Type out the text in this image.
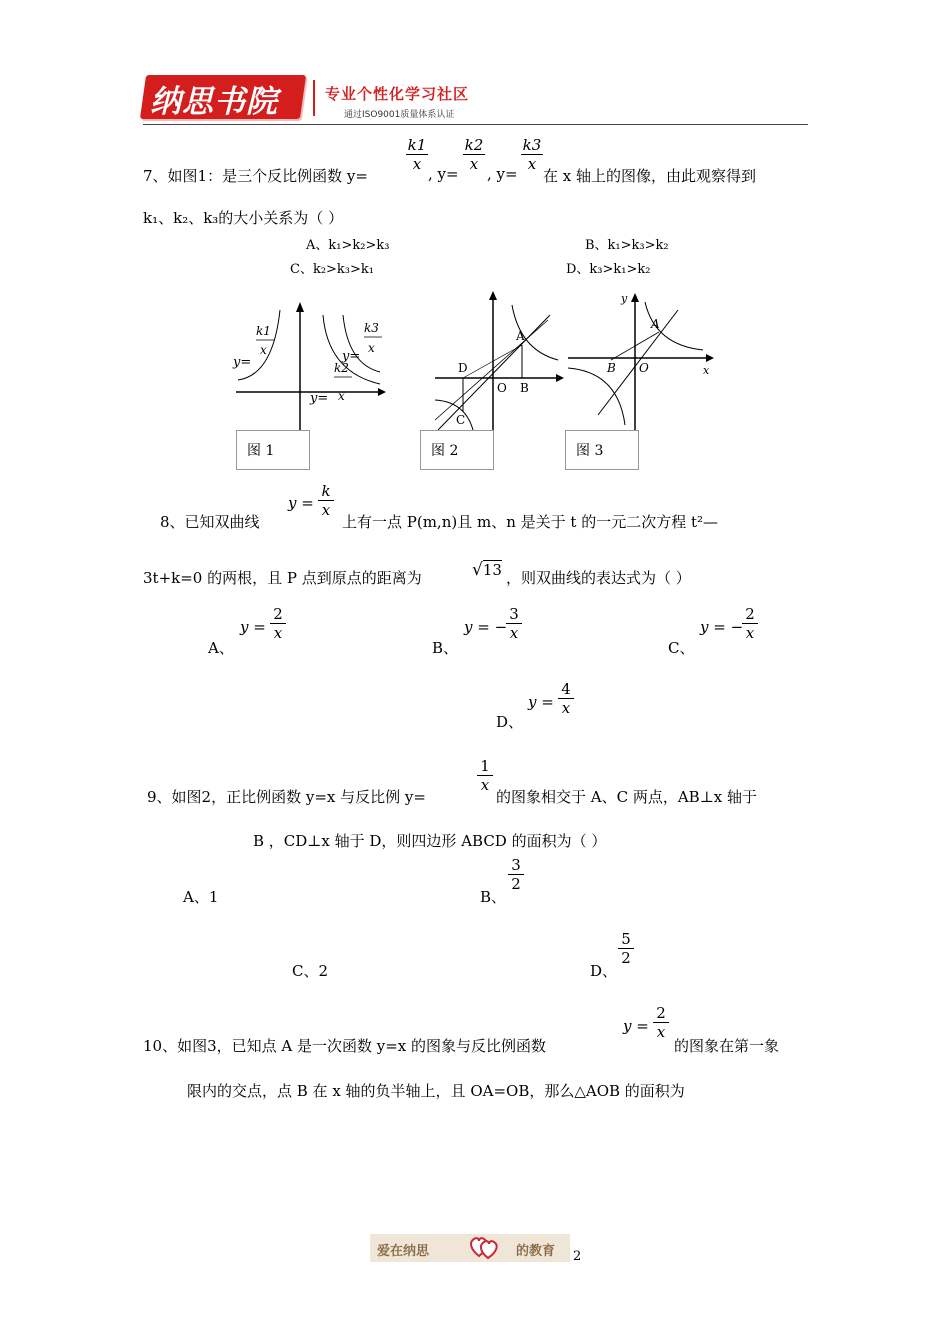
纳思书院	专业个性化学习社区
通过ISO9001质量体系认证
7、如图1：是三个反比例函数 y=
$\frac{k1}{x}$
, y=
$\frac{k2}{x}$
, y=
$\frac{k3}{x}$
在 x 轴上的图像，由此观察得到
k₁、k₂、k₃的大小关系为（ ）
A、k₁>k₂>k₃	B、k₁>k₃>k₂
C、k₂>k₃>k₁	D、k₃>k₁>k₂
y=
k1
x
k3
x
y=
k2
y= x
图 1
A
B
C
D
O
图 2
y
x
A
B O
图 3
8、已知双曲线
$y = \frac{k}{x}$
上有一点 P(m,n)且 m、n 是关于 t 的一元二次方程 t²—
3t+k=0 的两根，且 P 点到原点的距离为	√13 ，则双曲线的表达式为（ ）
A、
$y = \frac{2}{x}$
B、
y = −
$\frac{3}{x}$
C、
y = −
$\frac{2}{x}$
D、
$y = \frac{4}{x}$
9、如图2，正比例函数 y=x 与反比例 y=
$\frac{1}{x}$
的图象相交于 A、C 两点，AB⊥x 轴于
B ，CD⊥x 轴于 D，则四边形 ABCD 的面积为（ ）
A、1	B、
$\frac{3}{2}$
C、2	D、
$\frac{5}{2}$
10、如图3，已知点 A 是一次函数 y=x 的图象与反比例函数
$y = \frac{2}{x}$
的图象在第一象
限内的交点，点 B 在 x 轴的负半轴上，且 OA=OB，那么△AOB 的面积为
爱在纳思	的教育 2
